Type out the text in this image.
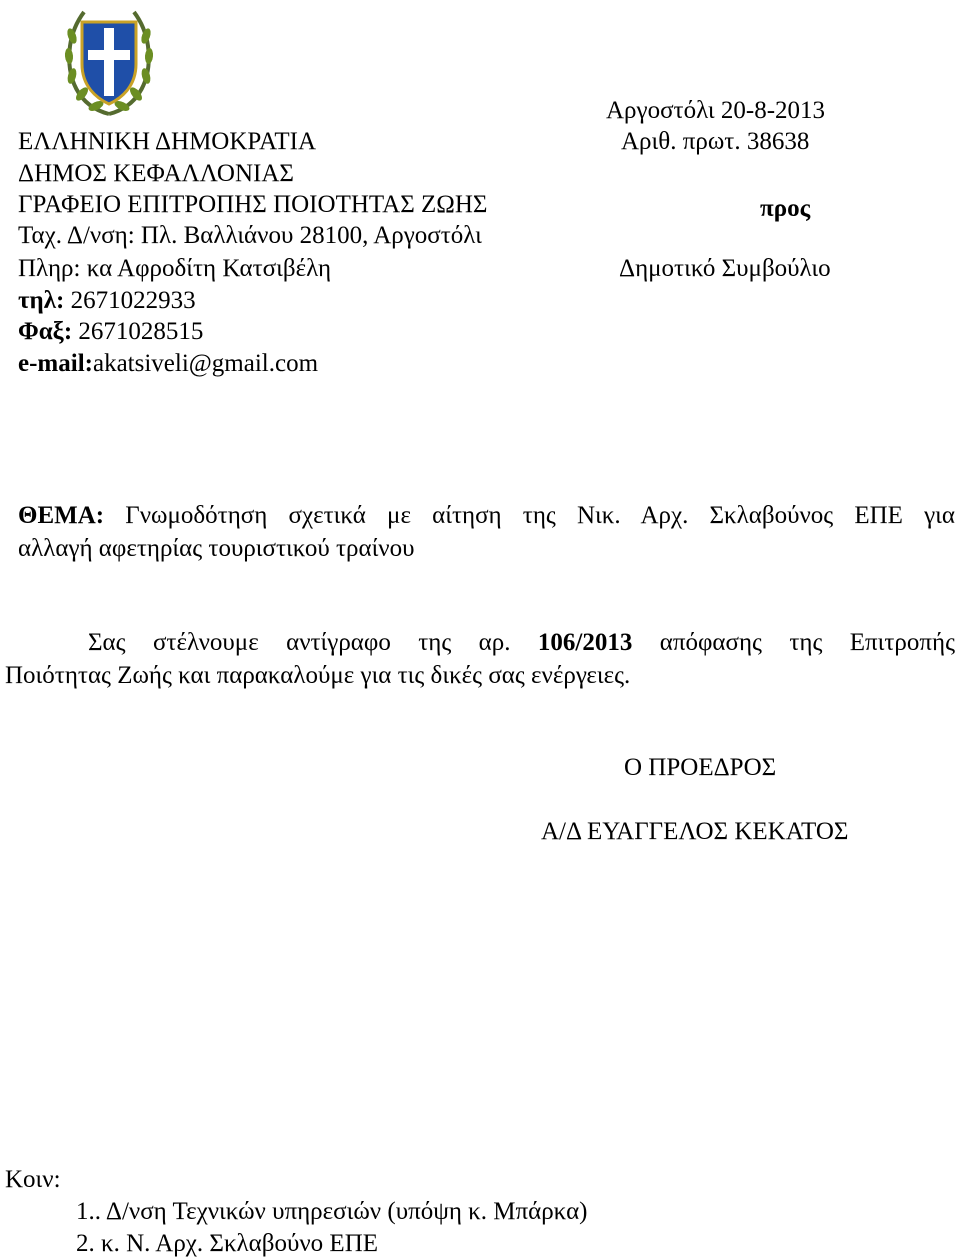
ΕΛΛΗΝΙΚΗ ΔΗΜΟΚΡΑΤΙΑ
ΔΗΜΟΣ ΚΕΦΑΛΛΟΝΙΑΣ
ΓΡΑΦΕΙΟ ΕΠΙΤΡΟΠΗΣ ΠΟΙΟΤΗΤΑΣ ΖΩΗΣ
Ταχ. Δ/νση: Πλ. Βαλλιάνου 28100, Αργοστόλι
Πληρ: κα Αφροδίτη Κατσιβέλη
τηλ: 2671022933
Φαξ: 2671028515
e-mail:akatsiveli@gmail.com
Αργοστόλι 20-8-2013
Αριθ. πρωτ. 38638
προς
Δημοτικό Συμβούλιο
ΘΕΜΑ: Γνωμοδότηση σχετικά με αίτηση της Νικ. Αρχ. Σκλαβούνος ΕΠΕ για
αλλαγή αφετηρίας τουριστικού τραίνου
Σας στέλνουμε αντίγραφο της αρ. 106/2013 απόφασης της Επιτροπής
Ποιότητας Ζωής και παρακαλούμε για τις δικές σας ενέργειες.
Ο ΠΡΟΕΔΡΟΣ
Α/Δ ΕΥΑΓΓΕΛΟΣ ΚΕΚΑΤΟΣ
Κοιν:
1.. Δ/νση Τεχνικών υπηρεσιών (υπόψη κ. Μπάρκα)
2. κ. Ν. Αρχ. Σκλαβούνο ΕΠΕ
